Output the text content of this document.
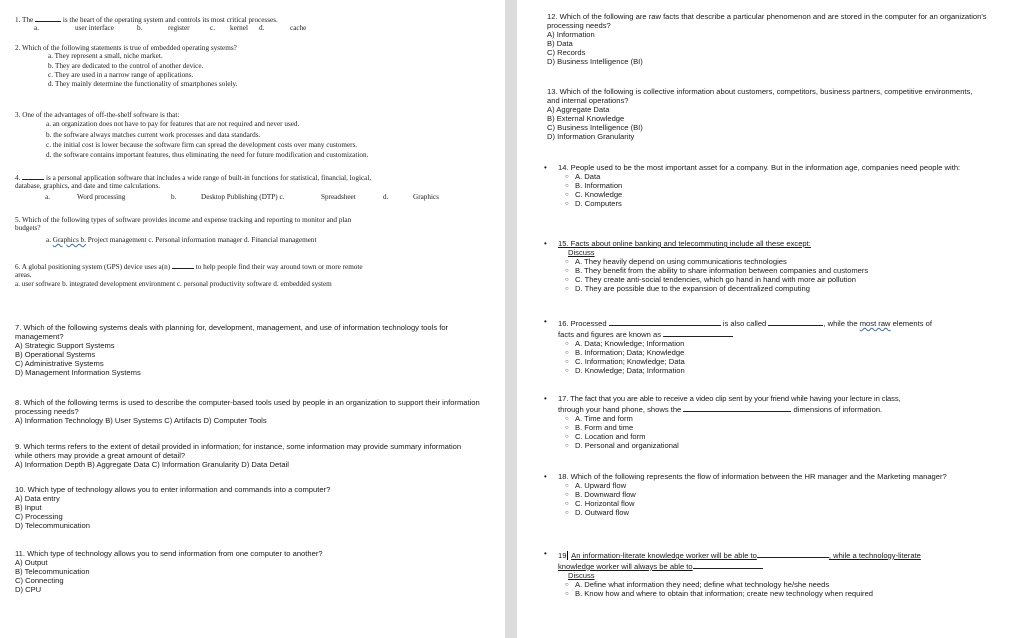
1. The	is the heart of the operating system and controls its most critical processes.
a.	user interface	b.	register	c. kernel d.	cache
2. Which of the following statements is true of embedded operating systems?
a. They represent a small, niche market.
b. They are dedicated to the control of another device.
c. They are used in a narrow range of applications.
d. They mainly determine the functionality of smartphones solely.
3. One of the advantages of off-the-shelf software is that:
a. an organization does not have to pay for features that are not required and never used.
b. the software always matches current work processes and data standards.
c. the initial cost is lower because the software firm can spread the development costs over many customers.
d. the software contains important features, thus eliminating the need for future modification and customization.
4.	is a personal application software that includes a wide range of built-in functions for statistical, financial, logical,
database, graphics, and date and time calculations.
a.	Word processing	b.	Desktop Publishing (DTP) c.	Spreadsheet	d.	Graphics
5. Which of the following types of software provides income and expense tracking and reporting to monitor and plan
budgets?
a. Graphics b. Project management c. Personal information manager d. Financial management
6. A global positioning system (GPS) device uses a(n)	to help people find their way around town or more remote
areas.
a. user software b. integrated development environment c. personal productivity software d. embedded system
7. Which of the following systems deals with planning for, development, management, and use of information technology tools for management?
A) Strategic Support Systems
B) Operational Systems
C) Administrative Systems
D) Management Information Systems
8. Which of the following terms is used to describe the computer-based tools used by people in an organization to support their information processing needs?
A) Information Technology B) User Systems C) Artifacts D) Computer Tools
9. Which terms refers to the extent of detail provided in information; for instance, some information may provide summary information while others may provide a great amount of detail?
A) Information Depth B) Aggregate Data C) Information Granularity D) Data Detail
10. Which type of technology allows you to enter information and commands into a computer?
A) Data entry
B) Input
C) Processing
D) Telecommunication
11. Which type of technology allows you to send information from one computer to another?
A) Output
B) Telecommunication
C) Connecting
D) CPU
12. Which of the following are raw facts that describe a particular phenomenon and are stored in the computer for an organization's processing needs?
A) Information
B) Data
C) Records
D) Business Intelligence (BI)
13. Which of the following is collective information about customers, competitors, business partners, competitive environments, and internal operations?
A) Aggregate Data
B) External Knowledge
C) Business Intelligence (BI)
D) Information Granularity
• 14. People used to be the most important asset for a company. But in the information age, companies need people with:
○ A. Data
○ B. Information
○ C. Knowledge
○ D. Computers
• 15. Facts about online banking and telecommuting include all these except:
Discuss
○ A. They heavily depend on using communications technologies
○ B. They benefit from the ability to share information between companies and customers
○ C. They create anti-social tendencies, which go hand in hand with more air pollution
○ D. They are possible due to the expansion of decentralized computing
• 16. Processed	is also called	, while the most raw elements of
facts and figures are known as
○ A. Data; Knowledge; Information
○ B. Information; Data; Knowledge
○ C. Information; Knowledge; Data
○ D. Knowledge; Data; Information
• 17. The fact that you are able to receive a video clip sent by your friend while having your lecture in class,
through your hand phone, shows the	dimensions of information.
○ A. Time and form
○ B. Form and time
○ C. Location and form
○ D. Personal and organizational
• 18. Which of the following represents the flow of information between the HR manager and the Marketing manager?
○ A. Upward flow
○ B. Downward flow
○ C. Horizontal flow
○ D. Outward flow
• 19 An information-literate knowledge worker will be able to	, while a technology-literate
knowledge worker will always be able to
Discuss
○ A. Define what information they need; define what technology he/she needs
○ B. Know how and where to obtain that information; create new technology when required
